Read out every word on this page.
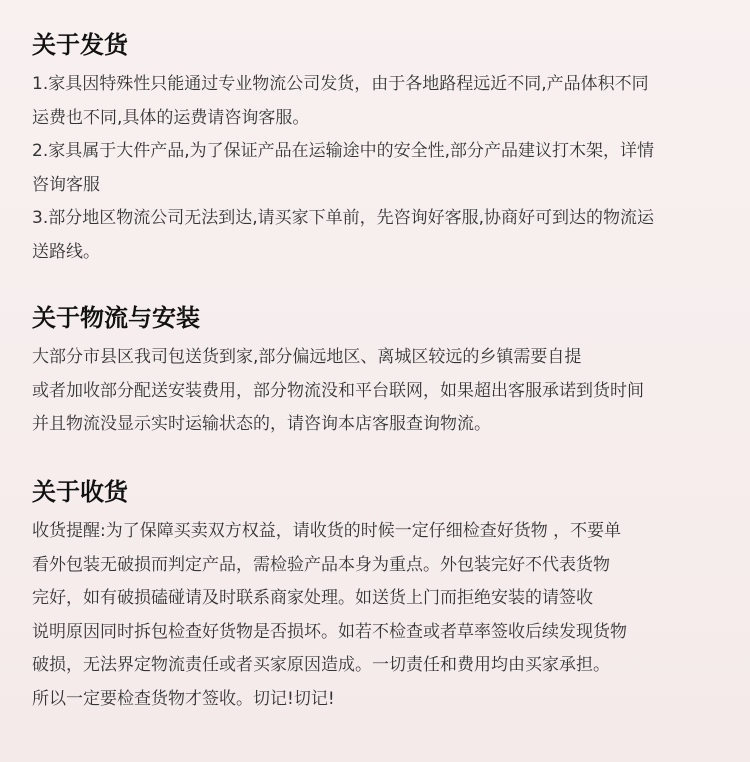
关于发货

1.家具因特殊性只能通过专业物流公司发货，由于各地路程远近不同,产品体积不同

运费也不同,具体的运费请咨询客服。

2.家具属于大件产品,为了保证产品在运输途中的安全性,部分产品建议打木架，详情

咨询客服

3.部分地区物流公司无法到达,请买家下单前，先咨询好客服,协商好可到达的物流运

送路线。

关于物流与安装

大部分市县区我司包送货到家,部分偏远地区、离城区较远的乡镇需要自提

或者加收部分配送安装费用，部分物流没和平台联网，如果超出客服承诺到货时间

并且物流没显示实时运输状态的，请咨询本店客服查询物流。

关于收货

收货提醒:为了保障买卖双方权益，请收货的时候一定仔细检查好货物 ，不要单

看外包装无破损而判定产品，需检验产品本身为重点。外包装完好不代表货物

完好，如有破损磕碰请及时联系商家处理。如送货上门而拒绝安装的请签收

说明原因同时拆包检查好货物是否损坏。如若不检查或者草率签收后续发现货物

破损，无法界定物流责任或者买家原因造成。一切责任和费用均由买家承担。

所以一定要检查货物才签收。切记!切记!
